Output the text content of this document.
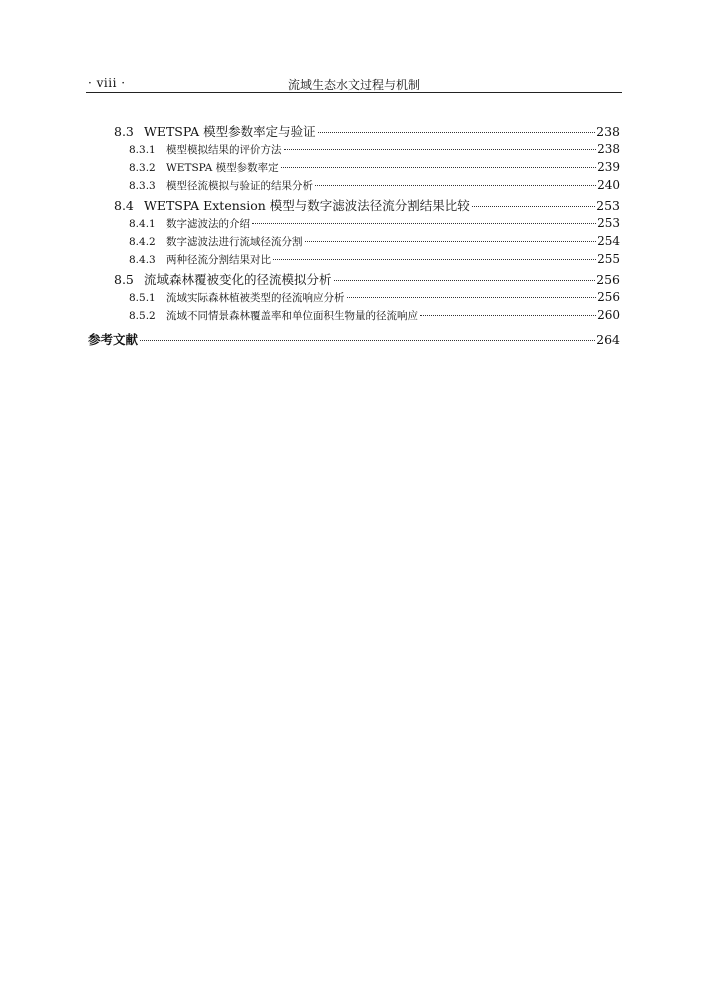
· viii ·	流域生态水文过程与机制
8.3 WETSPA 模型参数率定与验证	238
8.3.1 模型模拟结果的评价方法	238
8.3.2 WETSPA 模型参数率定	239
8.3.3 模型径流模拟与验证的结果分析	240
8.4 WETSPA Extension 模型与数字滤波法径流分割结果比较	253
8.4.1 数字滤波法的介绍	253
8.4.2 数字滤波法进行流域径流分割	254
8.4.3 两种径流分割结果对比	255
8.5 流域森林覆被变化的径流模拟分析	256
8.5.1 流域实际森林植被类型的径流响应分析	256
8.5.2 流域不同情景森林覆盖率和单位面积生物量的径流响应	260
参考文献	264
